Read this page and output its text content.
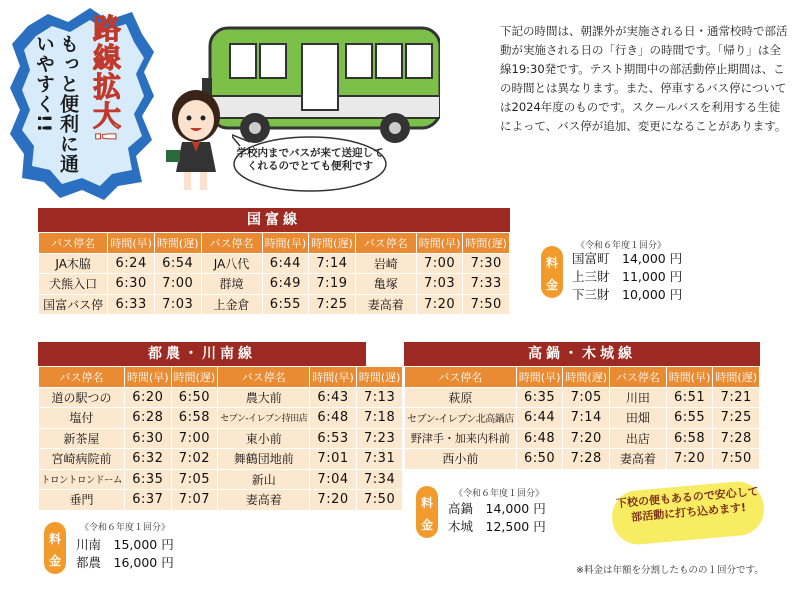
路線拡大!
もっと便利に通いやすく!!
学校内までバスが来て送迎してくれるのでとても便利です
下記の時間は、朝課外が実施される日・通常校時で部活動が実施される日の「行き」の時間です。「帰り」は全線19:30発です。テスト期間中の部活動停止期間は、この時間とは異なります。また、停車するバス停については2024年度のものです。スクールバスを利用する生徒によって、バス停が追加、変更になることがあります。
国富線
バス停名	時間(早)	時間(遅)	バス停名	時間(早)	時間(遅)	バス停名	時間(早)	時間(遅)
JA木脇	6:24	6:54	JA八代	6:44	7:14	岩崎	7:00	7:30
犬熊入口	6:30	7:00	群境	6:49	7:19	亀塚	7:03	7:33
国富バス停	6:33	7:03	上金倉	6:55	7:25	妻高着	7:20	7:50
料金
《令和６年度１回分》
国富町　14,000 円
上三財　11,000 円
下三財　10,000 円
都農・川南線
バス停名	時間(早)	時間(遅)	バス停名	時間(早)	時間(遅)
道の駅つの	6:20	6:50	農大前	6:43	7:13
塩付	6:28	6:58	セブン-イレブン持田店	6:48	7:18
新茶屋	6:30	7:00	東小前	6:53	7:23
宮崎病院前	6:32	7:02	舞鶴団地前	7:01	7:31
トロントロンドーム	6:35	7:05	新山	7:04	7:34
垂門	6:37	7:07	妻高着	7:20	7:50
料金
《令和６年度１回分》
川南　15,000 円
都農　16,000 円
高鍋・木城線
バス停名	時間(早)	時間(遅)	バス停名	時間(早)	時間(遅)
萩原	6:35	7:05	川田	6:51	7:21
セブン-イレブン北高鍋店	6:44	7:14	田畑	6:55	7:25
野津手・加来内科前	6:48	7:20	出店	6:58	7:28
西小前	6:50	7:28	妻高着	7:20	7:50
料金
《令和６年度１回分》
高鍋　14,000 円
木城　12,500 円
下校の便もあるので安心して部活動に打ち込めます!
※料金は年額を分割したものの１回分です。
